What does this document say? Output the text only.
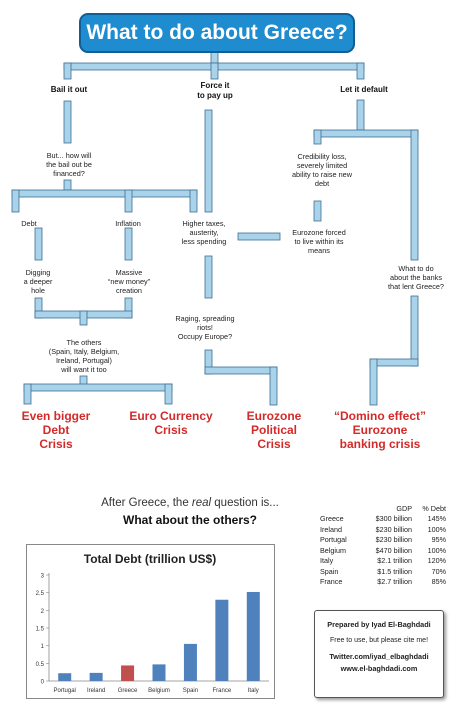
What to do about Greece?
Bail it out	Force it
to pay up
Let it default
But... how will
the bail out be
financed?
Debt	Inflation
Digging
a deeper
hole
Massive
“new money”
creation
The others
(Spain, Italy, Belgium,
Ireland, Portugal)
will want it too
Higher taxes,
austerity,
less spending
Raging, spreading
riots!
Occupy Europe?
Credibility loss,
severely limited
ability to raise new
debt
Eurozone forced
to live within its
means
What to do
about the banks
that lent Greece?
Even bigger
Debt
Crisis
Euro Currency
Crisis
Eurozone
Political
Crisis
“Domino effect”
Eurozone
banking crisis
After Greece, the real question is...
What about the others?
GDP	% Debt
Greece	$300 billion	145%
Ireland	$230 billion	100%
Portugal	$230 billion	95%
Belgium	$470 billion	100%
Italy	$2.1 trillion	120%
Spain	$1.5 trillion	70%
France	$2.7 trillion	85%
Total Debt (trillion US$)
0
0.5
1
1.5
2
2.5
3
Portugal Ireland Greece Belgium Spain France	Italy
Prepared by Iyad El-Baghdadi
Free to use, but please cite me!
Twitter.com/iyad_elbaghdadi
www.el-baghdadi.com
